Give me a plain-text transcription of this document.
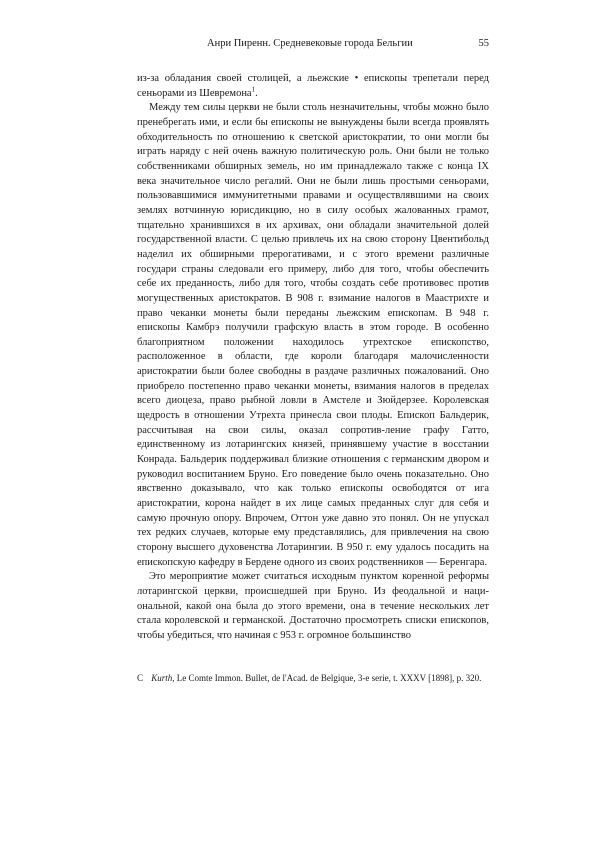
Анри Пиренн. Средневековые города Бельгии	55

из-за обладания своей столицей, а льежские • епископы трепетали перед сеньорами из Шевремона$^1$.

Между тем силы церкви не были столь незначительны, чтобы можно было пренебрегать ими, и если бы епископы не вынуждены были всегда проявлять обходительность по отношению к светской аристократии, то они могли бы играть наряду с ней очень важную политическую роль. Они были не только собственниками обширных земель, но им принадлежало также с конца IX века значительное число регалий. Они не были лишь простыми сеньорами, пользовавшимися иммунитетными правами и осуществлявшими на своих землях вотчинную юрисдикцию, но в силу особых жалованных грамот, тщательно хранившихся в их архивах, они обладали значительной долей государственной власти. С целью привлечь их на свою сторону Цвентибольд наделил их обширными прерогативами, и с этого времени различные государи страны следовали его примеру, либо для того, чтобы обеспечить себе их преданность, либо для того, чтобы создать себе противовес против могущественных аристократов. В 908 г. взимание налогов в Маастрихте и право чеканки монеты были переданы льежским епископам. В 948 г. епископы Камбрэ получили графскую власть в этом городе. В особенно благоприятном положении находилось утрехтское епископство, расположенное в области, где короли благодаря малочисленности аристократии были более свободны в раздаче различных пожалований. Оно приобрело постепенно право чеканки монеты, взимания налогов в пределах всего диоцеза, право рыбной ловли в Амстеле и Зюйдерзее. Королевская щедрость в отношении Утрехта принесла свои плоды. Епископ Бальдерик, рассчитывая на свои силы, оказал сопротив-ление графу Гатто, единственному из лотарингских князей, принявшему участие в восстании Конрада. Бальдерик поддерживал близкие отношения с германским двором и руководил воспитанием Бруно. Его поведение было очень показательно. Оно явственно доказывало, что как только епископы освободятся от ига аристократии, корона найдет в их лице самых преданных слуг для себя и самую прочную опору. Впрочем, Оттон уже давно это понял. Он не упускал тех редких случаев, которые ему представлялись, для привлечения на свою сторону высшего духовенства Лотарингии. В 950 г. ему удалось посадить на епископскую кафедру в Бердене одного из своих родственников — Беренгара.

Это мероприятие может считаться исходным пунктом коренной реформы лотарингской церкви, происшедшей при Бруно. Из феодальной и наци-ональной, какой она была до этого времени, она в течение нескольких лет стала королевской и германской. Достаточно просмотреть списки епископов, чтобы убедиться, что начиная с 953 г. огромное большинство

C Kurth, Le Comte Immon. Bullet, de l'Acad. de Belgique, 3-e serie, t. XXXV [1898], p. 320.
